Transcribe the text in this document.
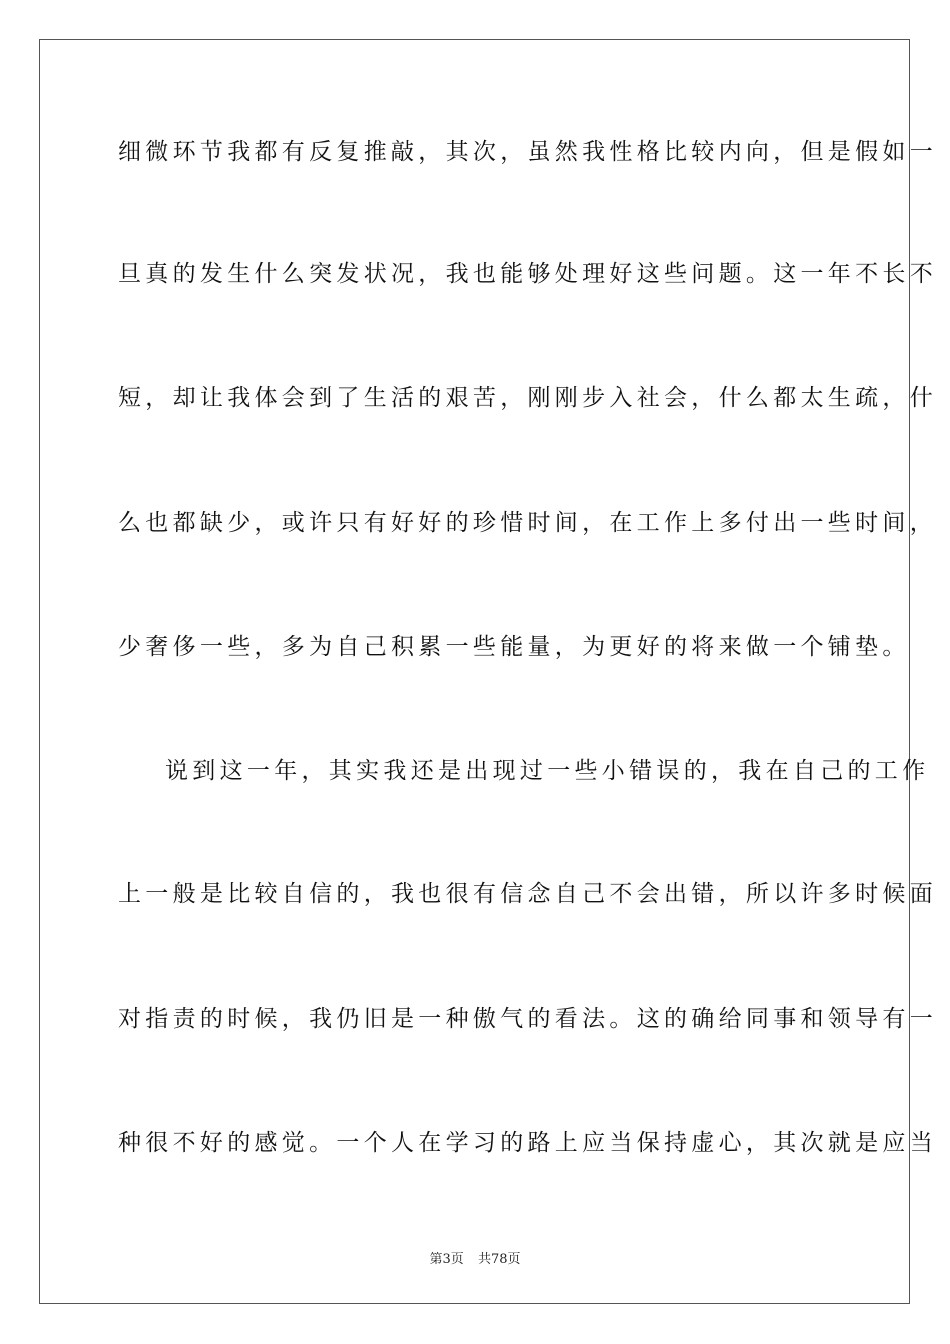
细微环节我都有反复推敲，其次，虽然我性格比较内向，但是假如一
旦真的发生什么突发状况，我也能够处理好这些问题。这一年不长不
短，却让我体会到了生活的艰苦，刚刚步入社会，什么都太生疏，什
么也都缺少，或许只有好好的珍惜时间，在工作上多付出一些时间，
少奢侈一些，多为自己积累一些能量，为更好的将来做一个铺垫。
说到这一年，其实我还是出现过一些小错误的，我在自己的工作
上一般是比较自信的，我也很有信念自己不会出错，所以许多时候面
对指责的时候，我仍旧是一种傲气的看法。这的确给同事和领导有一
种很不好的感觉。一个人在学习的路上应当保持虚心，其次就是应当
第3页 共78页
